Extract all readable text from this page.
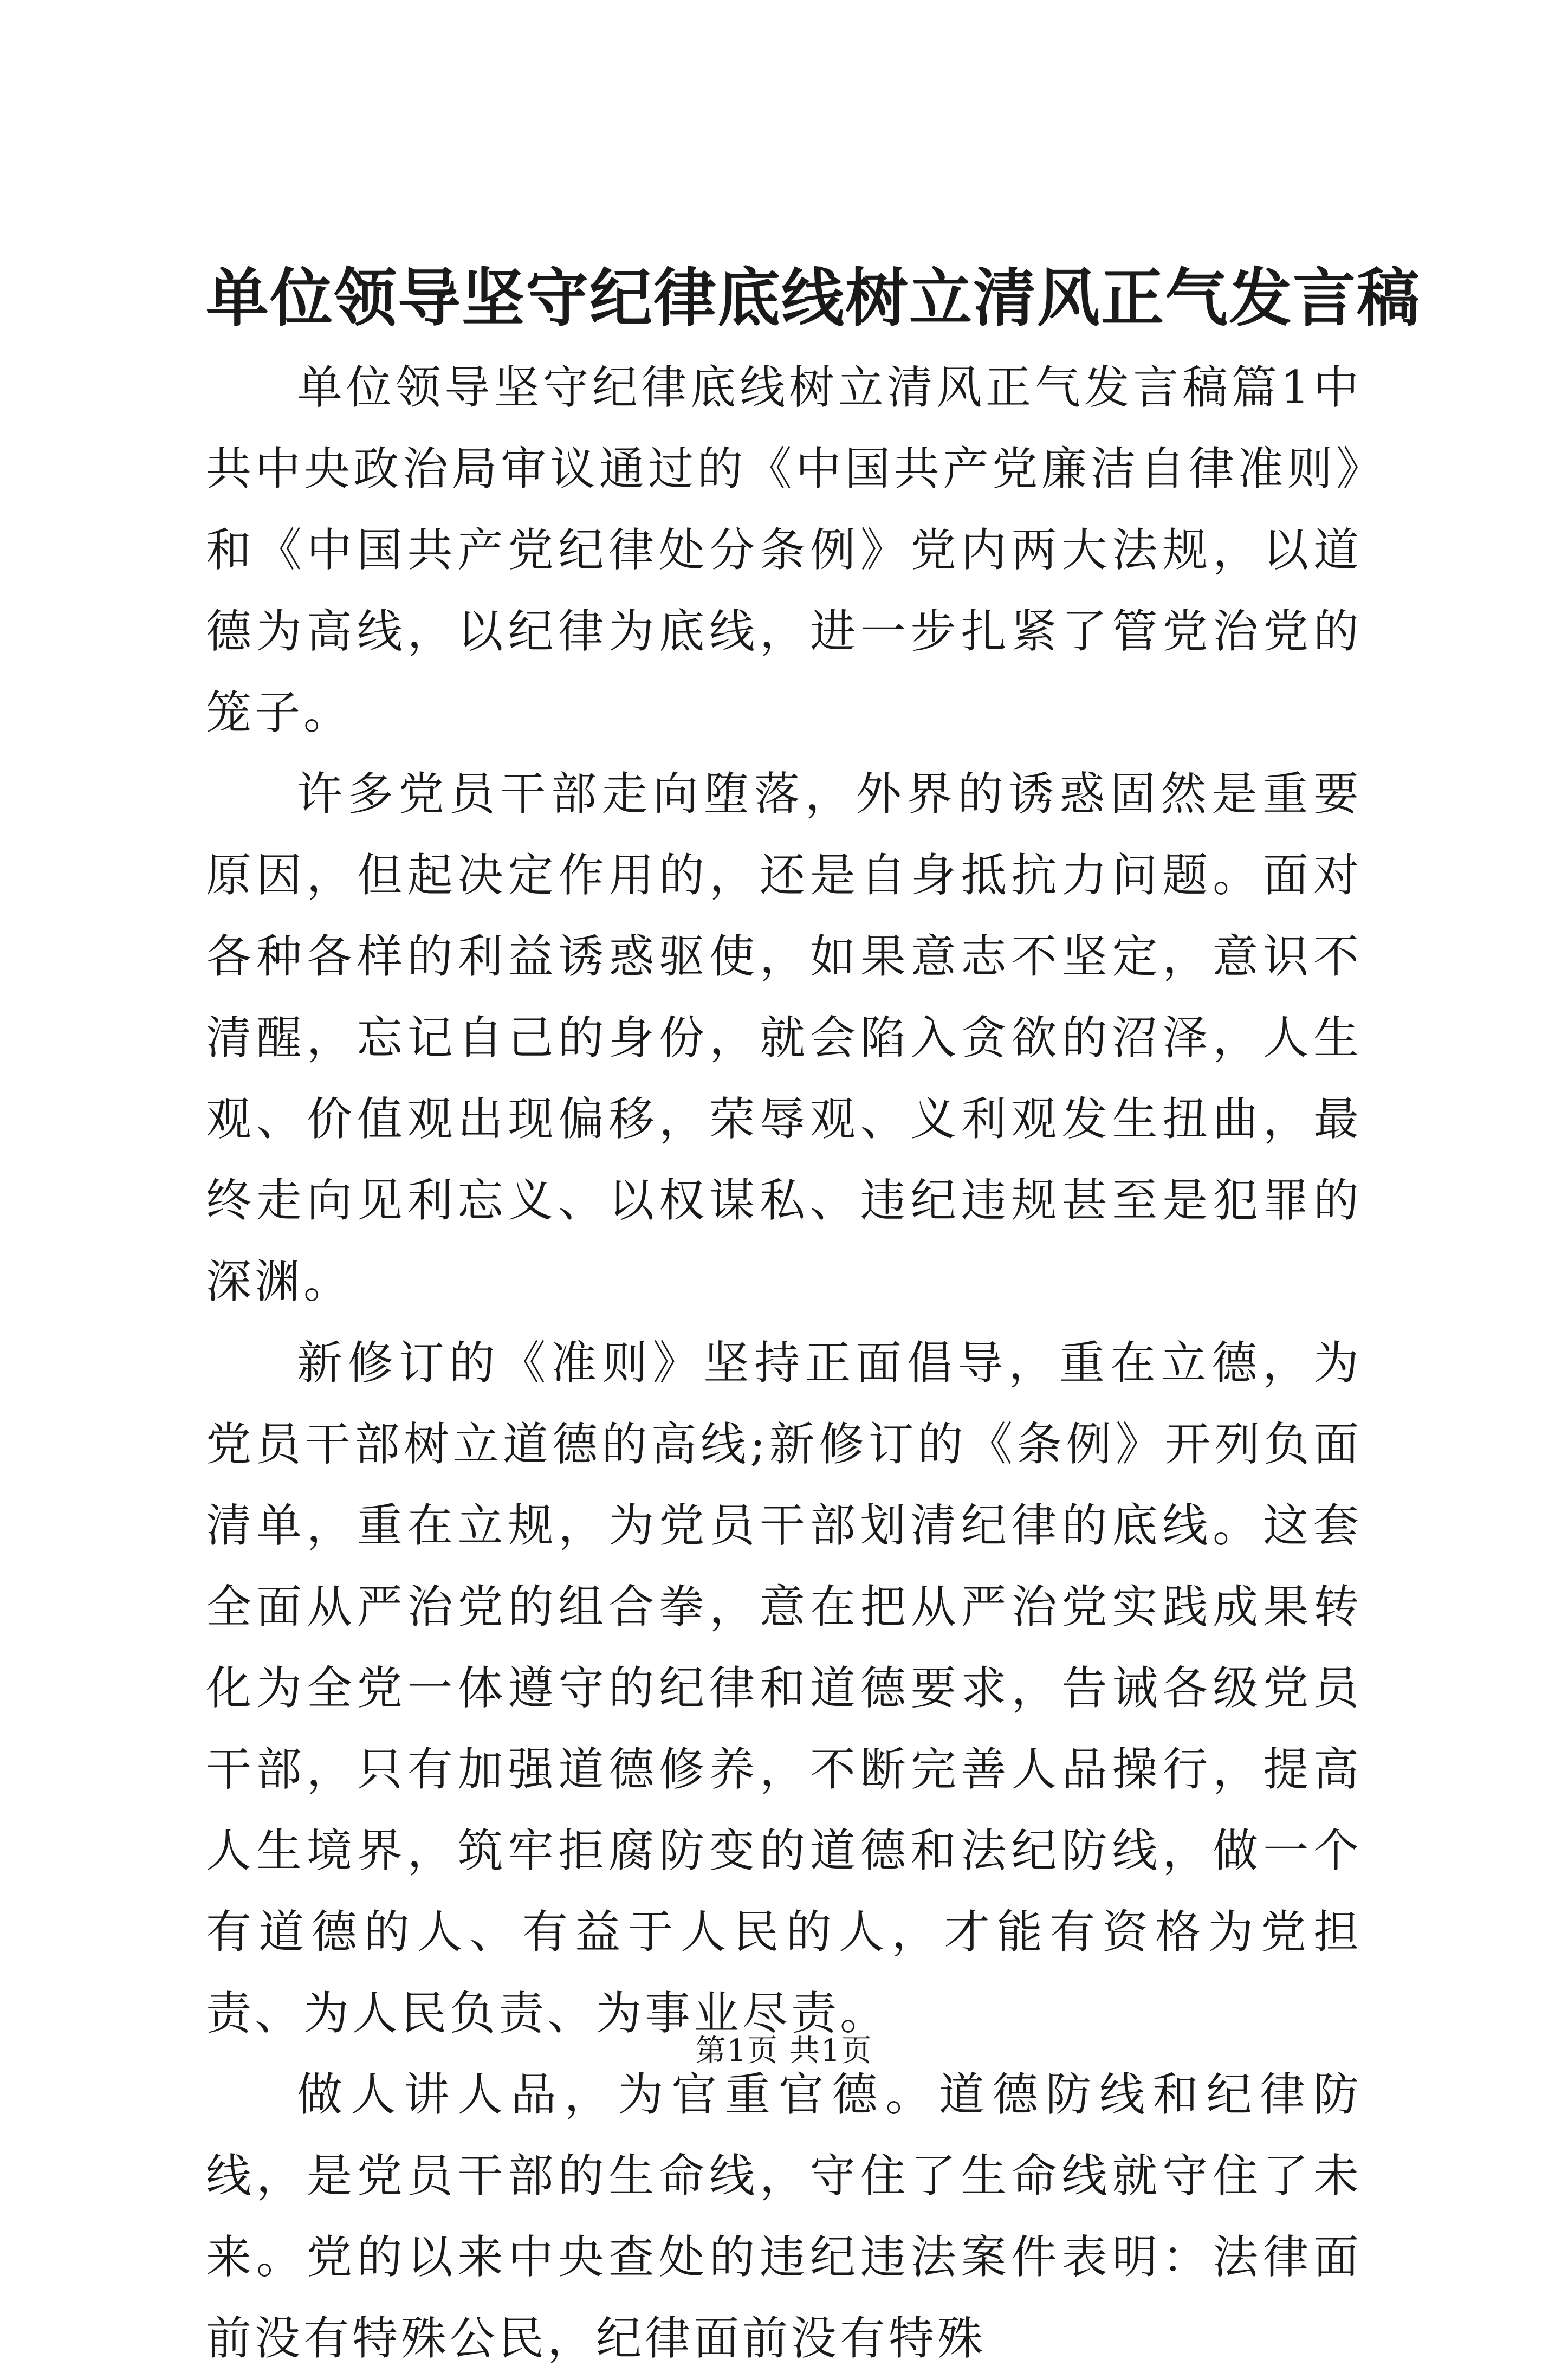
单位领导坚守纪律底线树立清风正气发言稿

单位领导坚守纪律底线树立清风正气发言稿篇1中共中央政治局审议通过的《中国共产党廉洁自律准则》和《中国共产党纪律处分条例》党内两大法规，以道德为高线，以纪律为底线，进一步扎紧了管党治党的笼子。

许多党员干部走向堕落，外界的诱惑固然是重要原因，但起决定作用的，还是自身抵抗力问题。面对各种各样的利益诱惑驱使，如果意志不坚定，意识不清醒，忘记自己的身份，就会陷入贪欲的沼泽，人生观、价值观出现偏移，荣辱观、义利观发生扭曲，最终走向见利忘义、以权谋私、违纪违规甚至是犯罪的深渊。

新修订的《准则》坚持正面倡导，重在立德，为党员干部树立道德的高线;新修订的《条例》开列负面清单，重在立规，为党员干部划清纪律的底线。这套全面从严治党的组合拳，意在把从严治党实践成果转化为全党一体遵守的纪律和道德要求，告诫各级党员干部，只有加强道德修养，不断完善人品操行，提高人生境界，筑牢拒腐防变的道德和法纪防线，做一个有道德的人、有益于人民的人，才能有资格为党担责、为人民负责、为事业尽责。

做人讲人品，为官重官德。道德防线和纪律防线，是党员干部的生命线，守住了生命线就守住了未来。党的以来中央查处的违纪违法案件表明：法律面前没有特殊公民，纪律面前没有特殊

第1页 共1页
